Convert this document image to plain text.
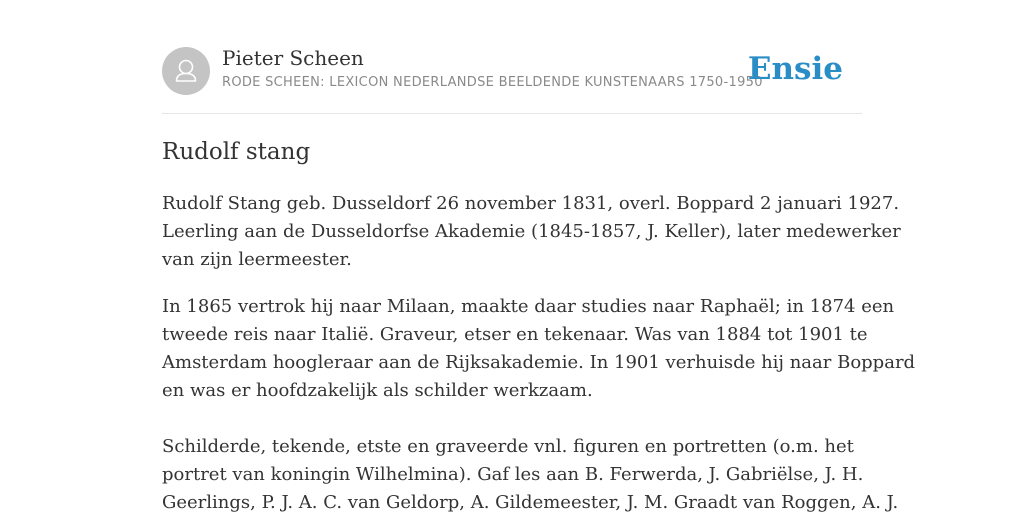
Pieter Scheen
RODE SCHEEN: LEXICON NEDERLANDSE BEELDENDE KUNSTENAARS 1750-1950
Ensie
Rudolf stang

Rudolf Stang geb. Dusseldorf 26 november 1831, overl. Boppard 2 januari 1927.
Leerling aan de Dusseldorfse Akademie (1845-1857, J. Keller), later medewerker
van zijn leermeester.

In 1865 vertrok hij naar Milaan, maakte daar studies naar Raphaël; in 1874 een
tweede reis naar Italië. Graveur, etser en tekenaar. Was van 1884 tot 1901 te
Amsterdam hoogleraar aan de Rijksakademie. In 1901 verhuisde hij naar Boppard
en was er hoofdzakelijk als schilder werkzaam.

Schilderde, tekende, etste en graveerde vnl. figuren en portretten (o.m. het
portret van koningin Wilhelmina). Gaf les aan B. Ferwerda, J. Gabriëlse, J. H.
Geerlings, P. J. A. C. van Geldorp, A. Gildemeester, J. M. Graadt van Roggen, A. J.
